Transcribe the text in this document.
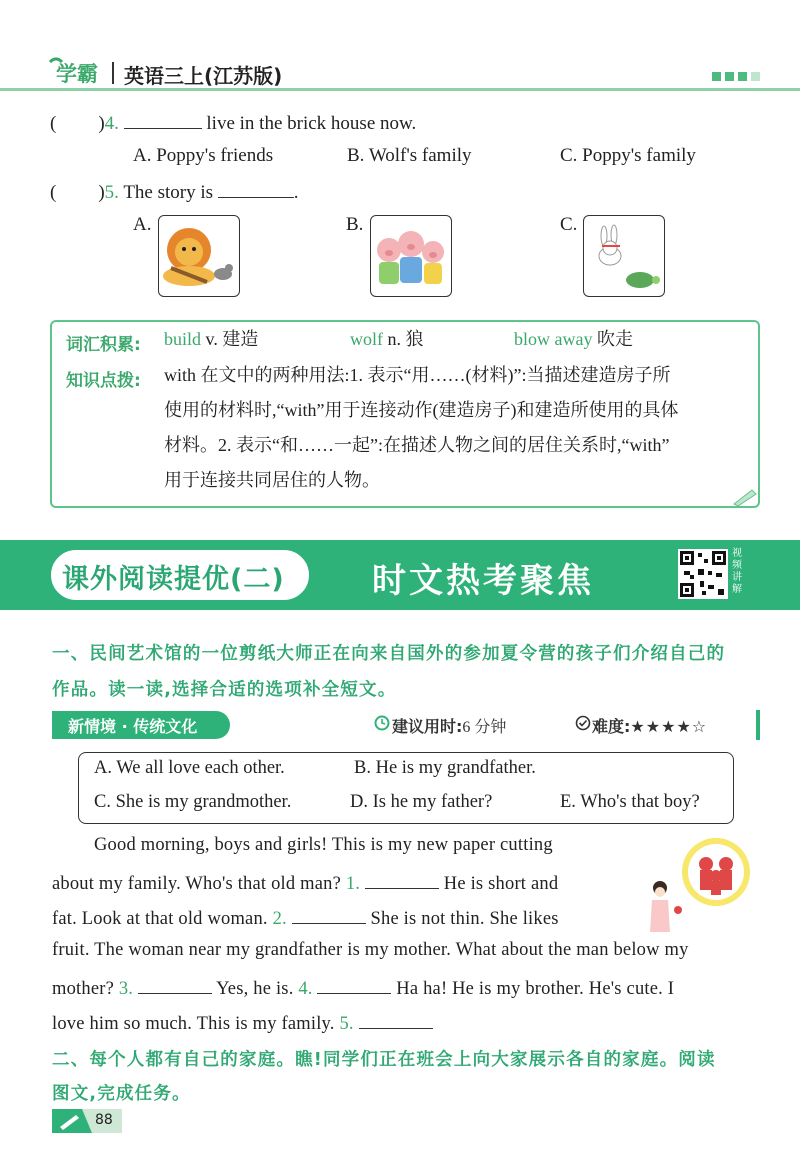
学霸 英语三上(江苏版)
( )4.	live in the brick house now.
A. Poppy's friends	B. Wolf's family	C. Poppy's family
( )5. The story is	.
A.	B.	C.
词汇积累: build v. 建造	wolf n. 狼	blow away 吹走
知识点拨: with 在文中的两种用法:1. 表示“用……(材料)”:当描述建造房子所
使用的材料时,“with”用于连接动作(建造房子)和建造所使用的具体
材料。2. 表示“和……一起”:在描述人物之间的居住关系时,“with”
用于连接共同居住的人物。
课外阅读提优(二)	时文热考聚焦
视频讲解
一、民间艺术馆的一位剪纸大师正在向来自国外的参加夏令营的孩子们介绍自己的
作品。读一读,选择合适的选项补全短文。
新情境 · 传统文化	建议用时:6 分钟	难度:★★★★☆
A. We all love each other.	B. He is my grandfather.
C. She is my grandmother.	D. Is he my father?	E. Who's that boy?
Good morning, boys and girls! This is my new paper cutting
about my family. Who's that old man? 1.	He is short and
fat. Look at that old woman. 2.	She is not thin. She likes
fruit. The woman near my grandfather is my mother. What about the man below my
mother? 3.	Yes, he is. 4.	Ha ha! He is my brother. He's cute. I
love him so much. This is my family. 5.
二、每个人都有自己的家庭。瞧!同学们正在班会上向大家展示各自的家庭。阅读
图文,完成任务。
88
